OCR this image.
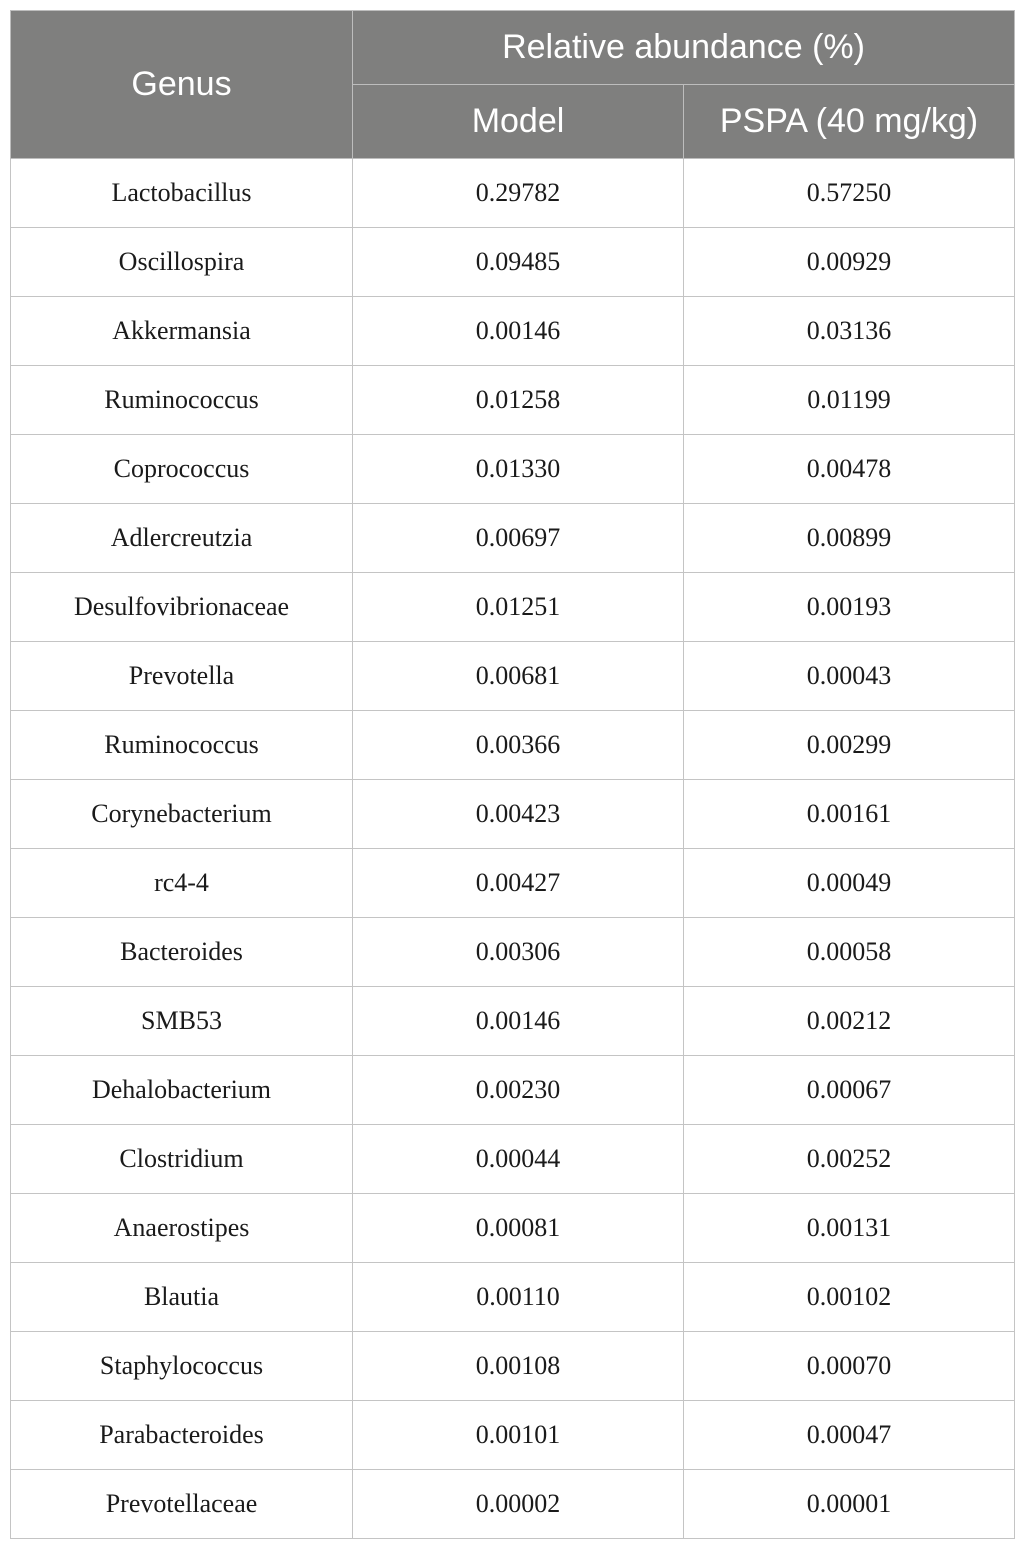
Genus	Relative abundance (%)	
	Model	PSPA (40 mg/kg)
Lactobacillus	0.29782	0.57250
Oscillospira	0.09485	0.00929
Akkermansia	0.00146	0.03136
Ruminococcus	0.01258	0.01199
Coprococcus	0.01330	0.00478
Adlercreutzia	0.00697	0.00899
Desulfovibrionaceae	0.01251	0.00193
Prevotella	0.00681	0.00043
Ruminococcus	0.00366	0.00299
Corynebacterium	0.00423	0.00161
rc4-4	0.00427	0.00049
Bacteroides	0.00306	0.00058
SMB53	0.00146	0.00212
Dehalobacterium	0.00230	0.00067
Clostridium	0.00044	0.00252
Anaerostipes	0.00081	0.00131
Blautia	0.00110	0.00102
Staphylococcus	0.00108	0.00070
Parabacteroides	0.00101	0.00047
Prevotellaceae	0.00002	0.00001
